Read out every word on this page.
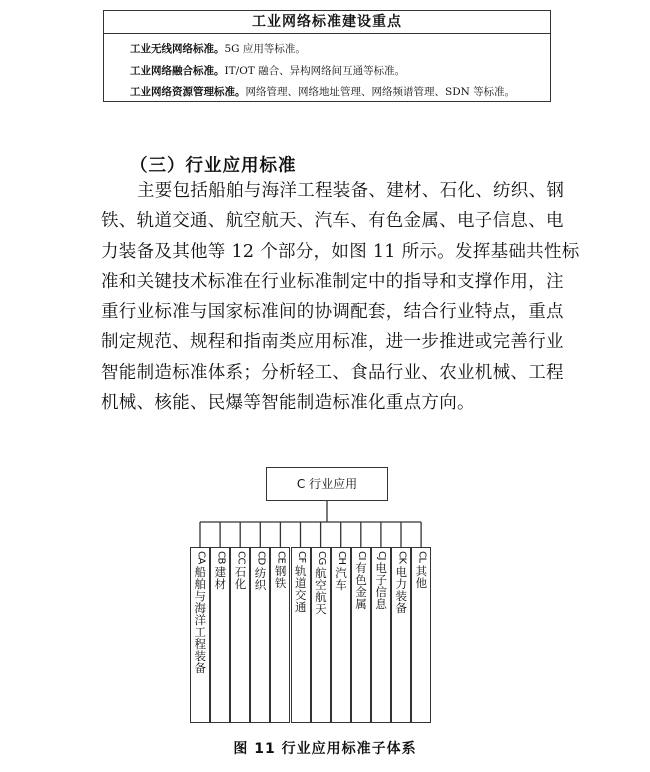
工业网络标准建设重点
工业无线网络标准。5G 应用等标准。
工业网络融合标准。IT/OT 融合、异构网络间互通等标准。
工业网络资源管理标准。网络管理、网络地址管理、网络频谱管理、SDN 等标准。
（三）行业应用标准
主要包括船舶与海洋工程装备、建材、石化、纺织、钢
铁、轨道交通、航空航天、汽车、有色金属、电子信息、电
力装备及其他等 12 个部分，如图 11 所示。发挥基础共性标
准和关键技术标准在行业标准制定中的指导和支撑作用，注
重行业标准与国家标准间的协调配套，结合行业特点，重点
制定规范、规程和指南类应用标准，进一步推进或完善行业
智能制造标准体系；分析轻工、食品行业、农业机械、工程
机械、核能、民爆等智能制造标准化重点方向。
C 行业应用
CA
船舶与海洋工程装备
CB
建材
CC
石化
CD
纺织
CE
钢铁
CF
轨道交通
CG
航空航天
CH
汽车
CI
有色金属
CJ
电子信息
CK
电力装备
CL
其他
图 11 行业应用标准子体系
